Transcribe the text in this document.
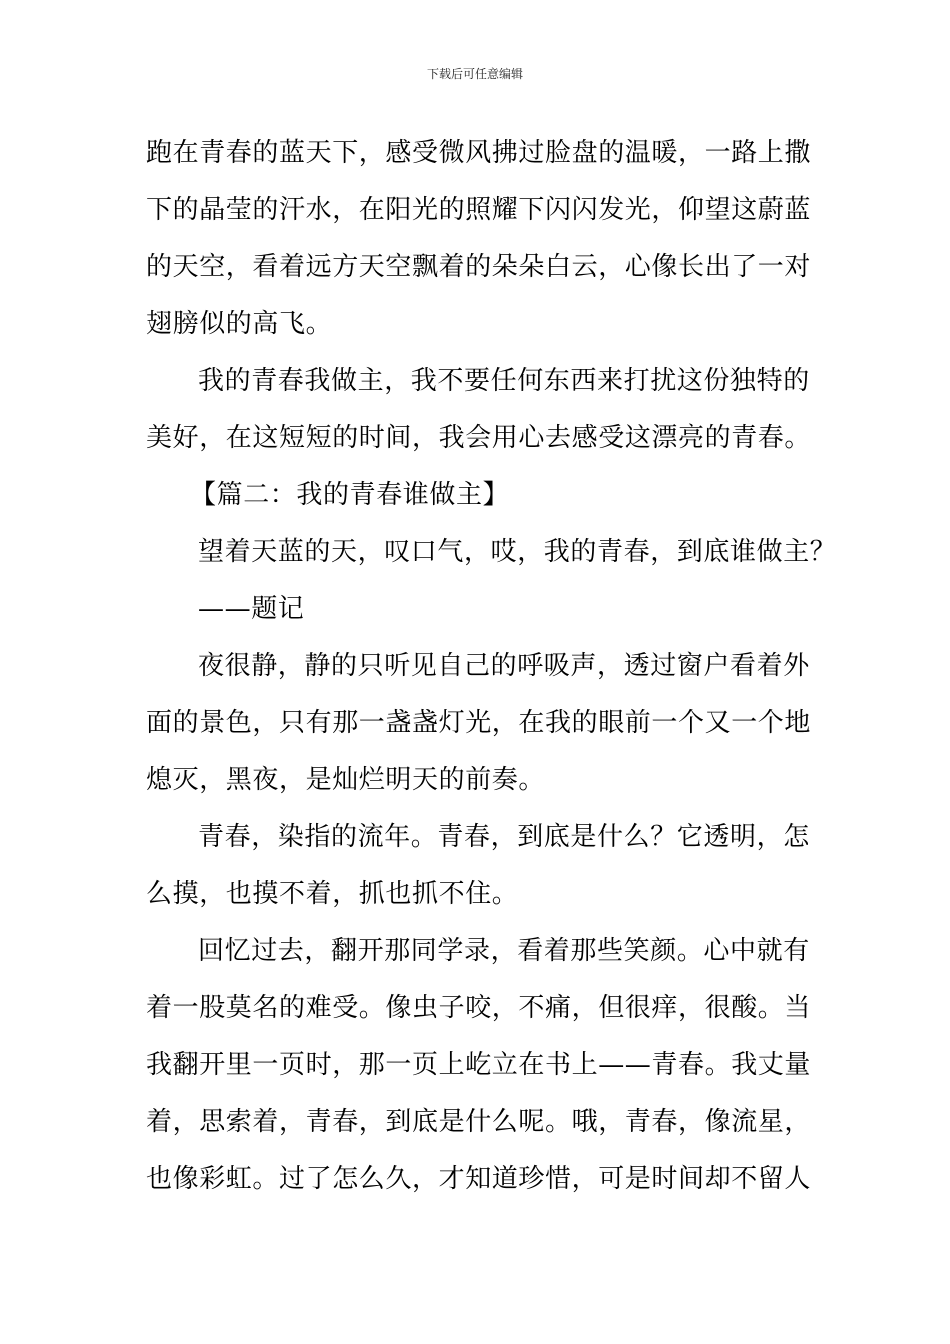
下载后可任意编辑
跑在青春的蓝天下，感受微风拂过脸盘的温暖，一路上撒
下的晶莹的汗水，在阳光的照耀下闪闪发光，仰望这蔚蓝
的天空，看着远方天空飘着的朵朵白云，心像长出了一对
翅膀似的高飞。
我的青春我做主，我不要任何东西来打扰这份独特的
美好，在这短短的时间，我会用心去感受这漂亮的青春。
【篇二：我的青春谁做主】
望着天蓝的天，叹口气，哎，我的青春，到底谁做主？
——题记
夜很静，静的只听见自己的呼吸声，透过窗户看着外
面的景色，只有那一盏盏灯光，在我的眼前一个又一个地
熄灭，黑夜，是灿烂明天的前奏。
青春，染指的流年。青春，到底是什么？它透明，怎
么摸，也摸不着，抓也抓不住。
回忆过去，翻开那同学录，看着那些笑颜。心中就有
着一股莫名的难受。像虫子咬，不痛，但很痒，很酸。当
我翻开里一页时，那一页上屹立在书上——青春。我丈量
着，思索着，青春，到底是什么呢。哦，青春，像流星，
也像彩虹。过了怎么久，才知道珍惜，可是时间却不留人
